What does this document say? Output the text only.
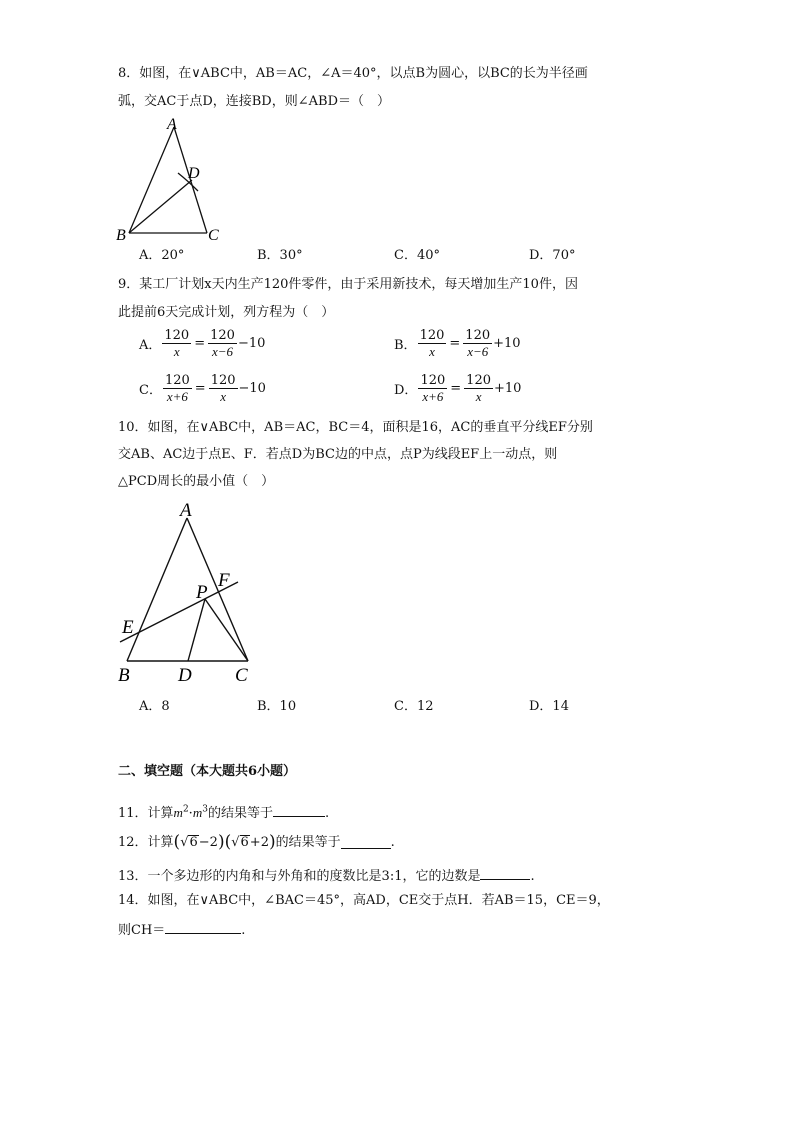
8．如图，在∨ABC中，AB＝AC，∠A＝40°，以点B为圆心，以BC的长为半径画
弧，交AC于点D，连接BD，则∠ABD＝（　）
A
D
B	C
A．20°	B．30°	C．40°	D．70°
9．某工厂计划x天内生产120件零件，由于采用新技术，每天增加生产10件，因
此提前6天完成计划，列方程为（　）
A． $\frac{120}{x} = \frac{120}{x-6} -10$	B． $\frac{120}{x} = \frac{120}{x-6} +10$
C． $\frac{120}{x+6} = \frac{120}{x} -10$	D． $\frac{120}{x+6} = \frac{120}{x} +10$
10．如图，在∨ABC中，AB＝AC，BC＝4，面积是16，AC的垂直平分线EF分别
交AB、AC边于点E、F．若点D为BC边的中点，点P为线段EF上一动点，则
△PCD周长的最小值（　）
A
F
P
E
B	D C
A．8	B．10	C．12	D．14
二、填空题（本大题共6小题）
11．计算$m^2\cdot m^3$的结果等于	.
12．计算 ( √ 6 −2 ) ( √ 6 +2 ) 的结果等于	.
13．一个多边形的内角和与外角和的度数比是3:1，它的边数是	.
14．如图，在∨ABC中，∠BAC＝45°，高AD，CE交于点H．若AB＝15，CE＝9，
则CH＝	.
